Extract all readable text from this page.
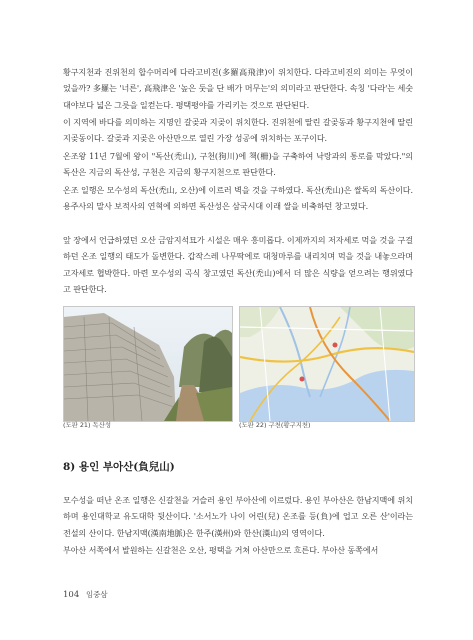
황구지천과 진위천의 합수머리에 다라고비진(多羅高飛津)이 위치한다. 다라고비진의 의미는 무엇이었을까? 多羅는 '너른', 高飛津은 '높은 둣을 단 배가 머무는'의 의미라고 판단한다. 속칭 '다라'는 세숫대야보다 넓은 그릇을 일컫는다. 평택평야를 가리키는 것으로 판단된다.

이 지역에 바다를 의미하는 지명인 갈곶과 지곶이 위치한다. 진위천에 딸린 갈곶동과 황구지천에 딸린 지곶동이다. 갈곶과 지곶은 아산만으로 열린 가장 성공에 위치하는 포구이다.

온조왕 11년 7월에 왕이 "독산(禿山), 구천(狗川)에 책(柵)을 구축하여 낙랑과의 통로를 막았다."의 독산은 지금의 독산성, 구천은 지금의 황구지천으로 판단한다.

온조 일행은 모수성의 독산(禿山, 오산)에 이르러 벽을 것을 구하였다. 독산(禿山)은 쌀독의 독산이다. 용주사의 말사 보적사의 연혁에 의하면 독산성은 삼국시대 이래 쌀을 비축하던 창고였다.

앞 장에서 언급하였던 오산 금암지석묘가 시설은 매우 흥미롭다. 이제까지의 저자세로 먹을 것을 구걸하던 온조 일행의 태도가 돌변한다. 갑작스레 나무딱에로 대청마루를 내리치며 먹을 것을 내놓으라며 고자세로 협박한다. 마련 모수성의 곡식 창고였던 독산(禿山)에서 더 많은 식량을 얻으려는 행위였다고 판단한다.

(도판 21) 독산성	(도판 22) 구천(황구지천)
8) 용인 부아산(負兒山)

모수성을 떠난 온조 일행은 신갈천을 거슬러 용인 부아산에 이르렀다. 용인 부아산은 한남지맥에 위치하며 용인대학교 유도대학 뒷산이다. '소서노가 나이 어린(兒) 온조를 등(負)에 업고 오른 산'이라는 전설의 산이다. 한남지맥(漢南地脈)은 한주(漢州)와 한산(漢山)의 영역이다.

부아산 서쪽에서 발원하는 신갈천은 오산, 평택을 거쳐 아산만으로 흐른다. 부아산 동쪽에서

104 임중삼
